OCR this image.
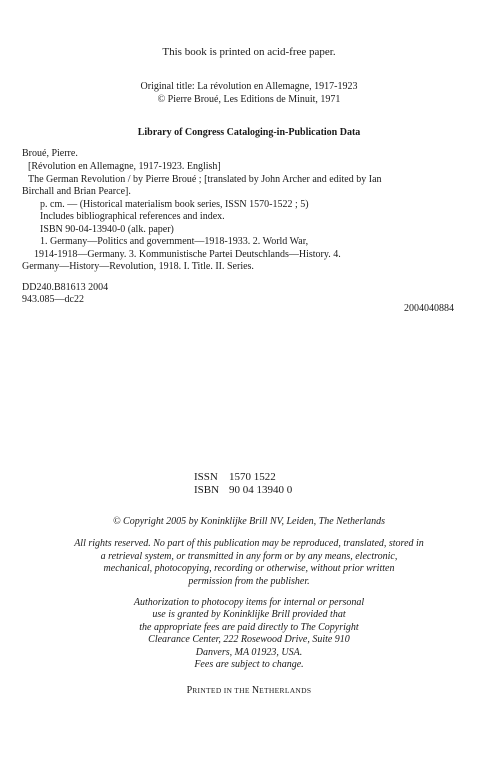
This book is printed on acid-free paper.
Original title: La révolution en Allemagne, 1917-1923
© Pierre Broué, Les Editions de Minuit, 1971
Library of Congress Cataloging-in-Publication Data
Broué, Pierre.
[Révolution en Allemagne, 1917-1923. English]
The German Revolution / by Pierre Broué ; [translated by John Archer and edited by Ian
Birchall and Brian Pearce].
p. cm. — (Historical materialism book series, ISSN 1570-1522 ; 5)
Includes bibliographical references and index.
ISBN 90-04-13940-0 (alk. paper)
1. Germany—Politics and government—1918-1933. 2. World War,
1914-1918—Germany. 3. Kommunistische Partei Deutschlands—History. 4.
Germany—History—Revolution, 1918. I. Title. II. Series.
DD240.B81613 2004
943.085—dc22
2004040884
ISSN 1570 1522
ISBN 90 04 13940 0
© Copyright 2005 by Koninklijke Brill NV, Leiden, The Netherlands
All rights reserved. No part of this publication may be reproduced, translated, stored in
a retrieval system, or transmitted in any form or by any means, electronic,
mechanical, photocopying, recording or otherwise, without prior written
permission from the publisher.
Authorization to photocopy items for internal or personal
use is granted by Koninklijke Brill provided that
the appropriate fees are paid directly to The Copyright
Clearance Center, 222 Rosewood Drive, Suite 910
Danvers, MA 01923, USA.
Fees are subject to change.
PRINTED IN THE NETHERLANDS
